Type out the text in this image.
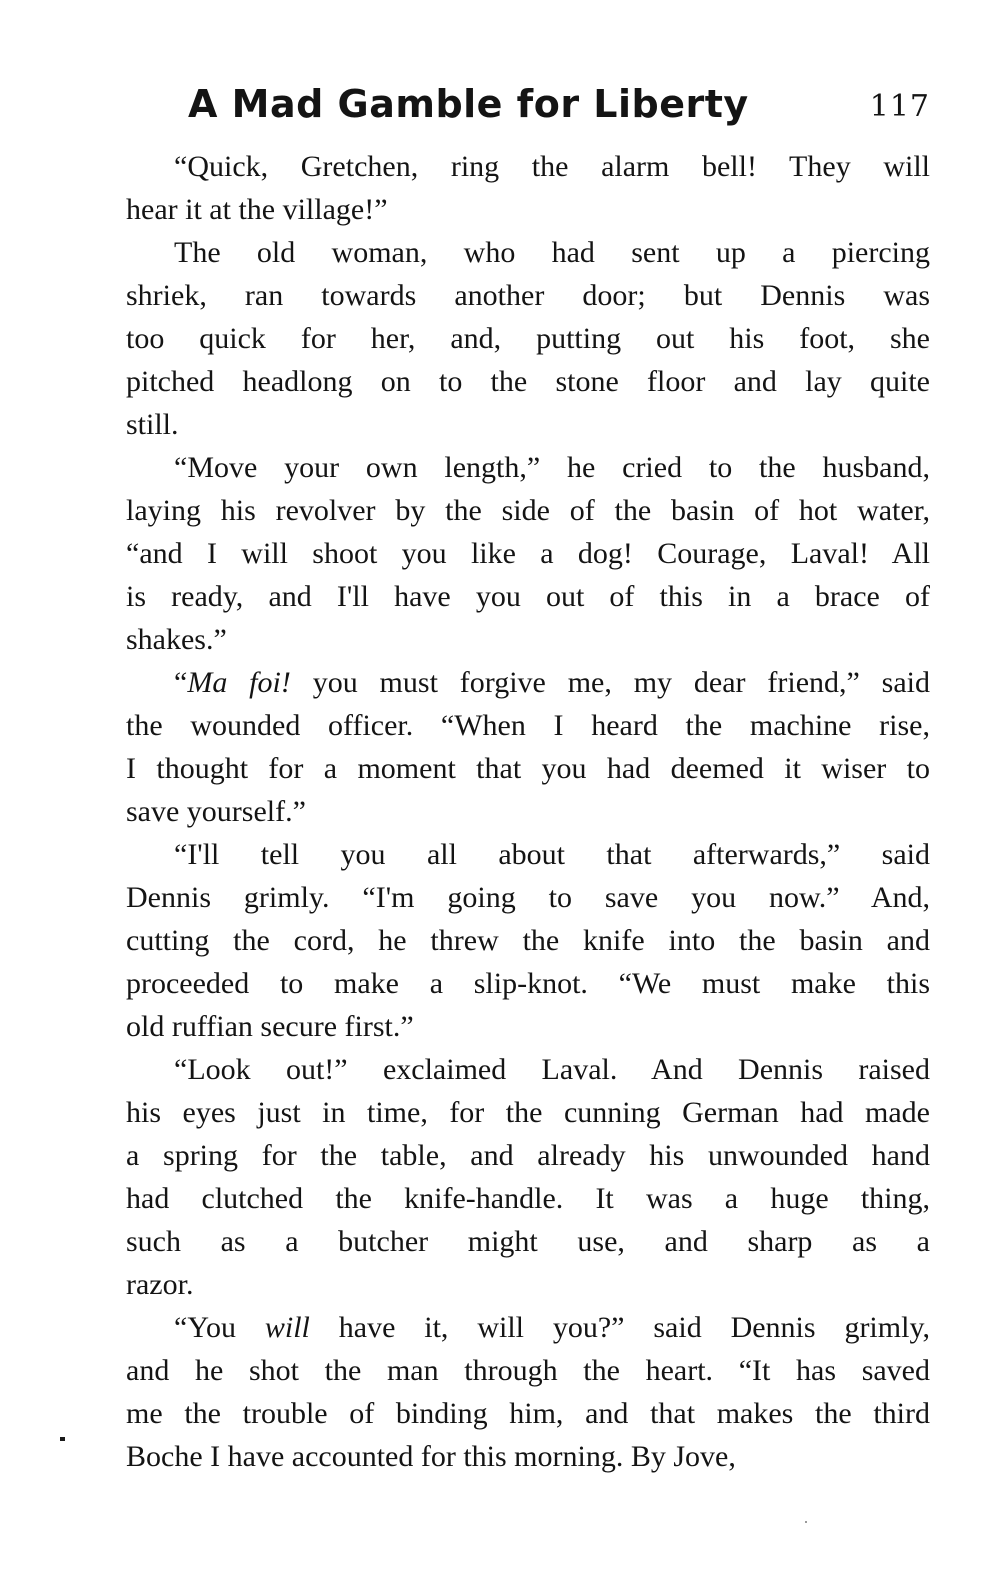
A Mad Gamble for Liberty	117
“Quick, Gretchen, ring the alarm bell! They will
hear it at the village!”
The old woman, who had sent up a piercing
shriek, ran towards another door; but Dennis was
too quick for her, and, putting out his foot, she
pitched headlong on to the stone floor and lay quite
still.
“Move your own length,” he cried to the husband,
laying his revolver by the side of the basin of hot water,
“and I will shoot you like a dog! Courage, Laval! All
is ready, and I'll have you out of this in a brace of
shakes.”
“Ma foi! you must forgive me, my dear friend,” said
the wounded officer. “When I heard the machine rise,
I thought for a moment that you had deemed it wiser to
save yourself.”
“I'll tell you all about that afterwards,” said
Dennis grimly. “I'm going to save you now.” And,
cutting the cord, he threw the knife into the basin and
proceeded to make a slip-knot. “We must make this
old ruffian secure first.”
“Look out!” exclaimed Laval. And Dennis raised
his eyes just in time, for the cunning German had made
a spring for the table, and already his unwounded hand
had clutched the knife-handle. It was a huge thing,
such as a butcher might use, and sharp as a
razor.
“You will have it, will you?” said Dennis grimly,
and he shot the man through the heart. “It has saved
me the trouble of binding him, and that makes the third
Boche I have accounted for this morning. By Jove,
